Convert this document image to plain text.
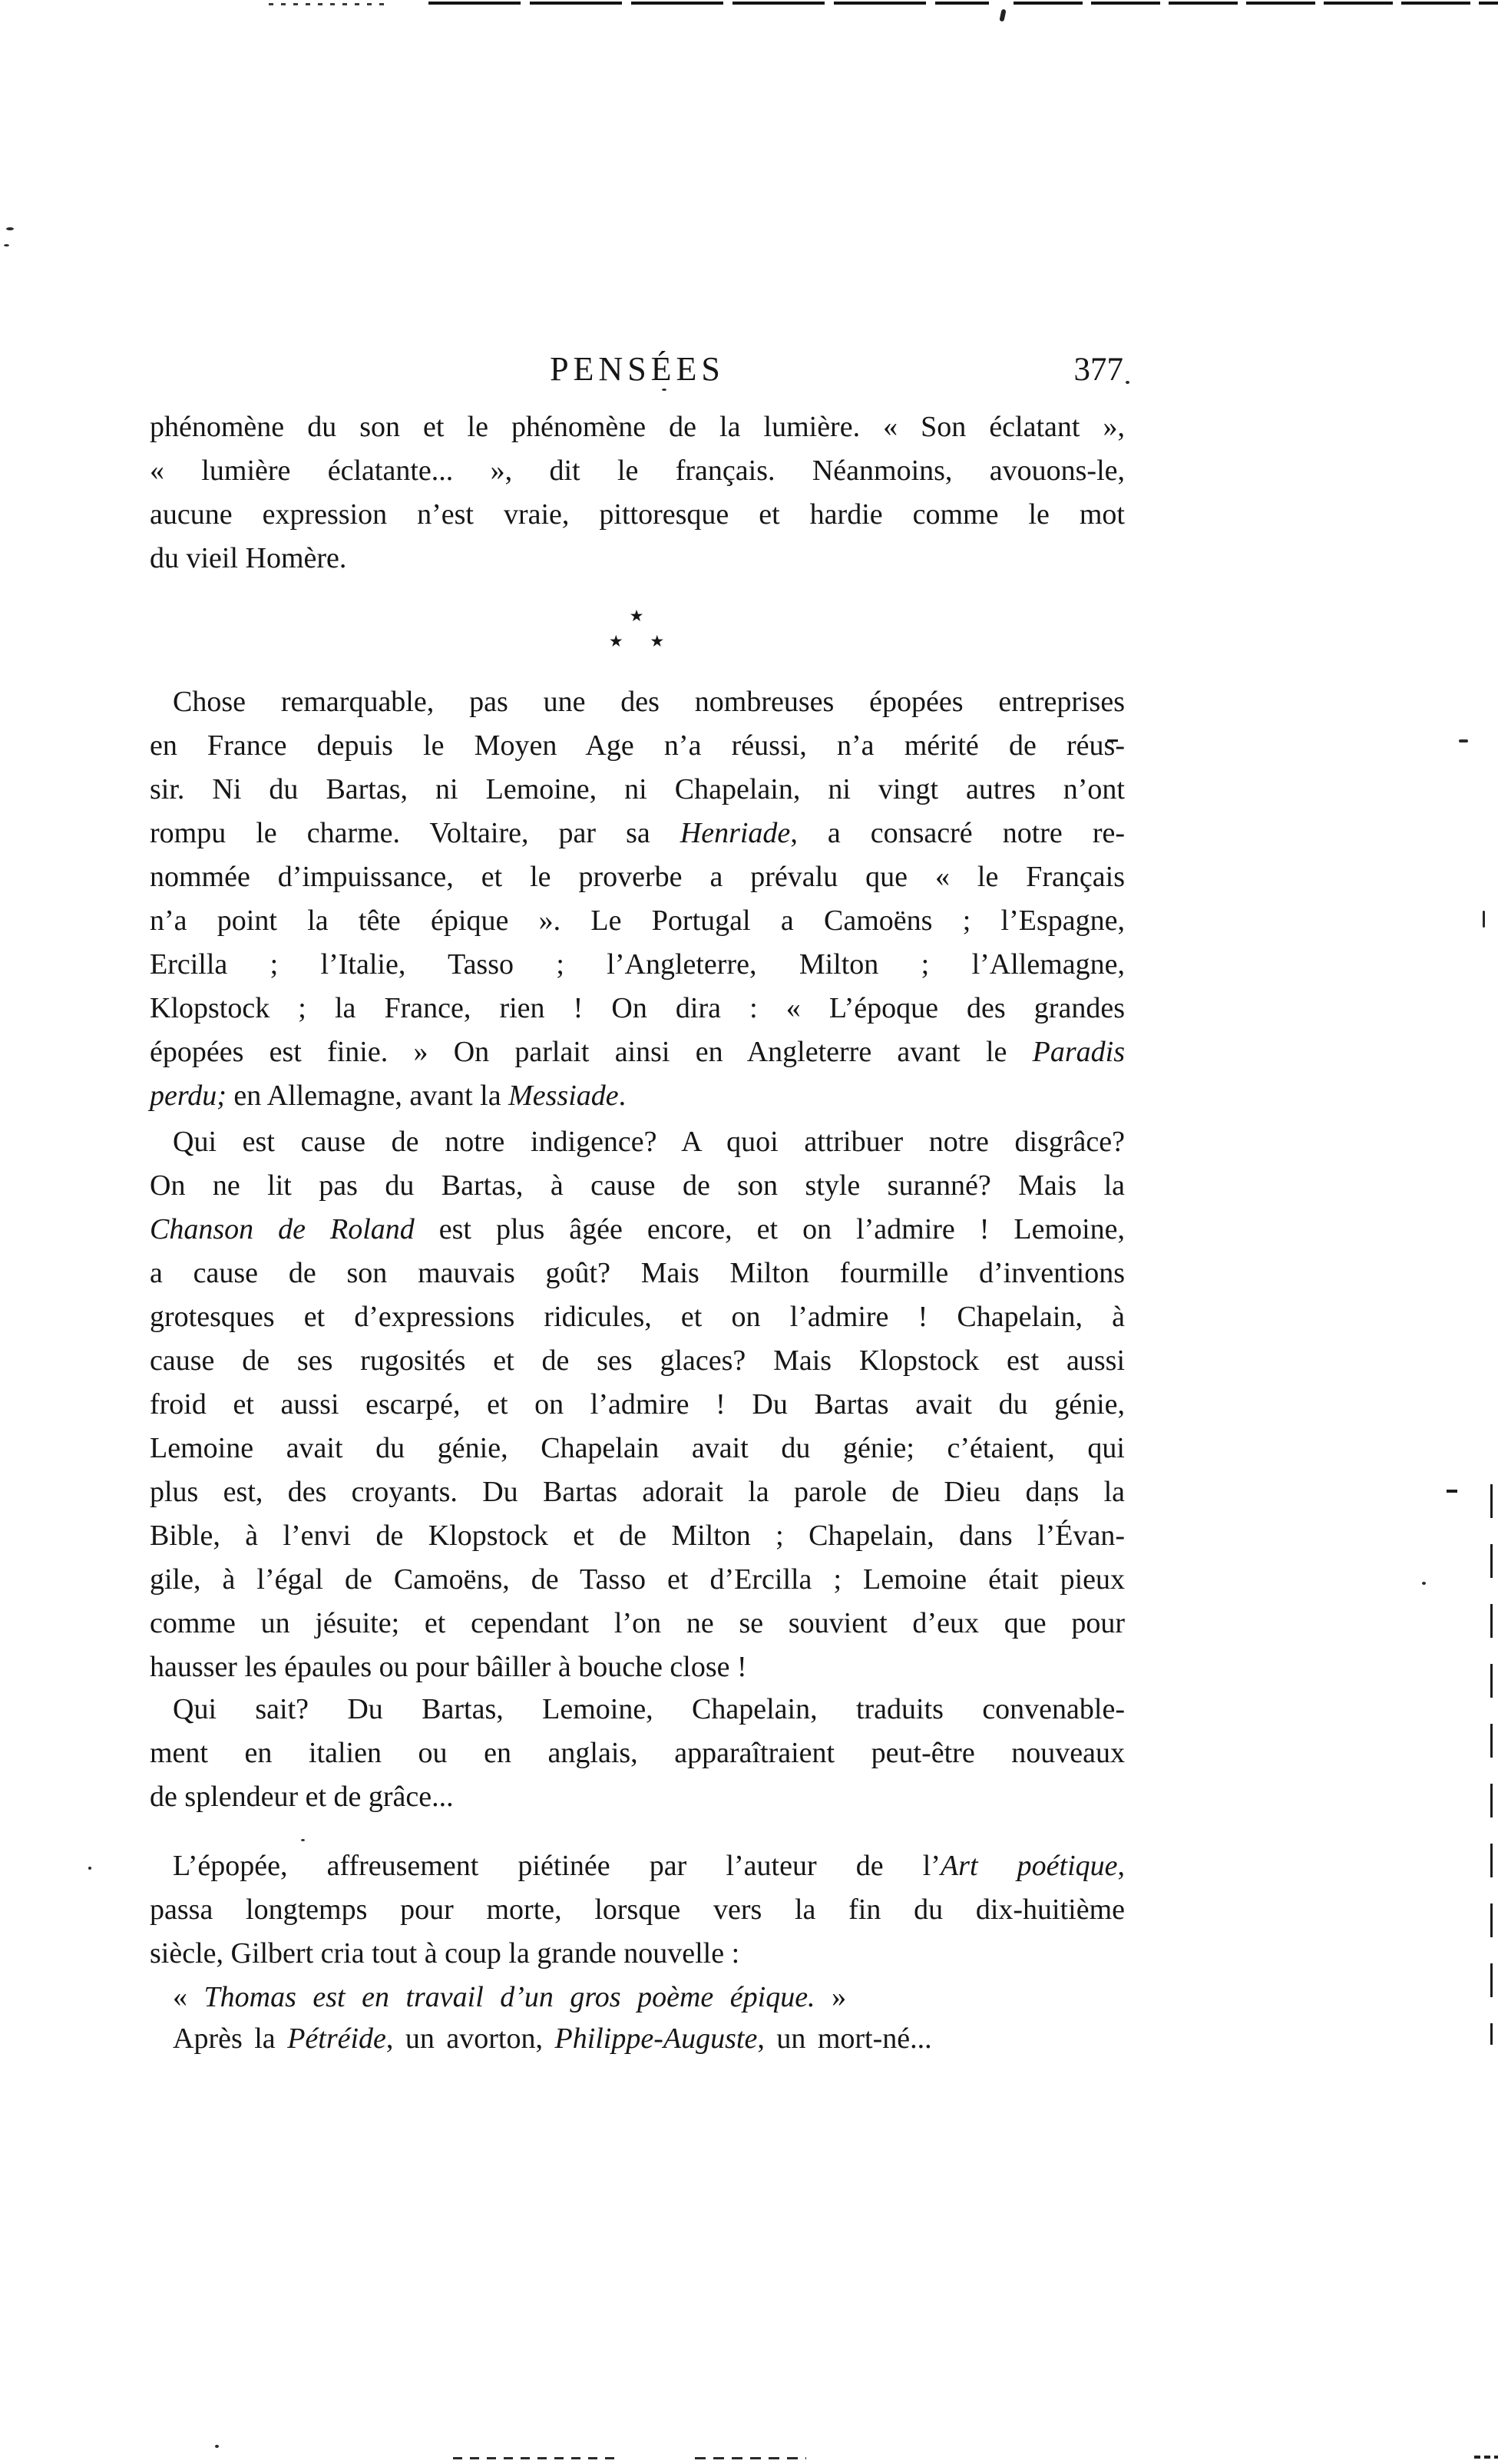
PENSÉES	377
phénomène du son et le phénomène de la lumière. « Son éclatant »,
« lumière éclatante... », dit le français. Néanmoins, avouons-le,
aucune expression n’est vraie, pittoresque et hardie comme le mot
du vieil Homère.
★
★ ★
Chose remarquable, pas une des nombreuses épopées entreprises
en France depuis le Moyen Age n’a réussi, n’a mérité de réus-
sir. Ni du Bartas, ni Lemoine, ni Chapelain, ni vingt autres n’ont
rompu le charme. Voltaire, par sa Henriade, a consacré notre re-
nommée d’impuissance, et le proverbe a prévalu que « le Français
n’a point la tête épique ». Le Portugal a Camoëns ; l’Espagne,
Ercilla ; l’Italie, Tasso ; l’Angleterre, Milton ; l’Allemagne,
Klopstock ; la France, rien ! On dira : « L’époque des grandes
épopées est finie. » On parlait ainsi en Angleterre avant le Paradis
perdu; en Allemagne, avant la Messiade.
Qui est cause de notre indigence? A quoi attribuer notre disgrâce?
On ne lit pas du Bartas, à cause de son style suranné? Mais la
Chanson de Roland est plus âgée encore, et on l’admire ! Lemoine,
a cause de son mauvais goût? Mais Milton fourmille d’inventions
grotesques et d’expressions ridicules, et on l’admire ! Chapelain, à
cause de ses rugosités et de ses glaces? Mais Klopstock est aussi
froid et aussi escarpé, et on l’admire ! Du Bartas avait du génie,
Lemoine avait du génie, Chapelain avait du génie; c’étaient, qui
plus est, des croyants. Du Bartas adorait la parole de Dieu dans la
Bible, à l’envi de Klopstock et de Milton ; Chapelain, dans l’Évan-
gile, à l’égal de Camoëns, de Tasso et d’Ercilla ; Lemoine était pieux
comme un jésuite; et cependant l’on ne se souvient d’eux que pour
hausser les épaules ou pour bâiller à bouche close !
Qui sait? Du Bartas, Lemoine, Chapelain, traduits convenable-
ment en italien ou en anglais, apparaîtraient peut-être nouveaux
de splendeur et de grâce...
L’épopée, affreusement piétinée par l’auteur de l’Art poétique,
passa longtemps pour morte, lorsque vers la fin du dix-huitième
siècle, Gilbert cria tout à coup la grande nouvelle :
« Thomas est en travail d’un gros poème épique. »
Après la Pétréide, un avorton, Philippe-Auguste, un mort-né...
